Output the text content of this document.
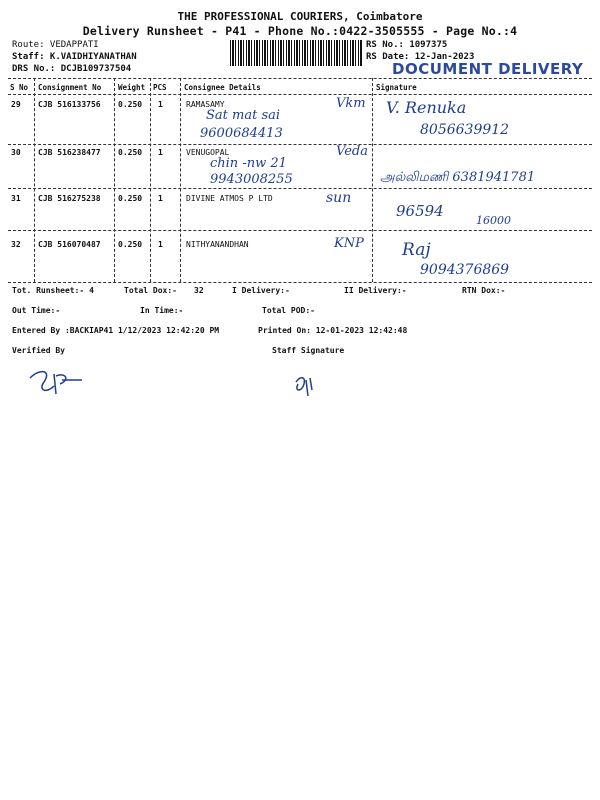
THE PROFESSIONAL COURIERS, Coimbatore
Delivery Runsheet - P41 - Phone No.:0422-3505555 - Page No.:4
Route: VEDAPPATI
Staff: K.VAIDHIYANATHAN
DRS No.: DCJB109737504
RS No.: 1097375
RS Date: 12-Jan-2023
DOCUMENT DELIVERY
S No Consignment No Weight PCS Consignee Details	Signature
29 CJB 516133756 0.250 1	RAMASAMY
Sat mat sai
9600684413
Vkm V. Renuka
8056639912
30 CJB 516238477 0.250 1	VENUGOPAL
chin -nw 21
9943008255
Veda
அல்லிமணி 6381941781
31 CJB 516275238 0.250 1	DIVINE ATMOS P LTD	sun
96594
16000
32 CJB 516070487 0.250 1	NITHYANANDHAN	KNP Raj
9094376869
Tot. Runsheet:- 4	Total Dox:- 32	I Delivery:-	II Delivery:-	RTN Dox:-
Out Time:-	In Time:-	Total POD:-
Entered By :BACKIAP41 1/12/2023 12:42:20 PM	Printed On: 12-01-2023 12:42:48
Verified By	Staff Signature
